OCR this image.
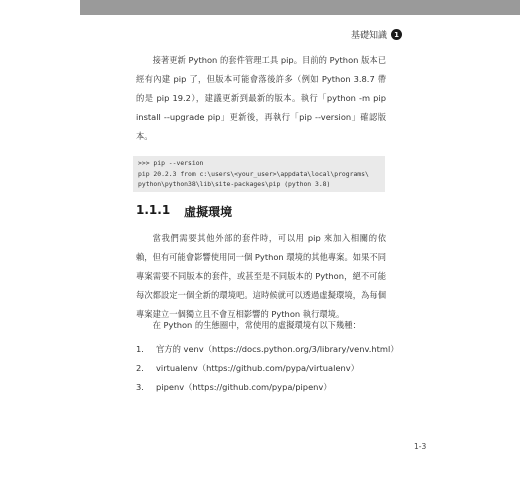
基礎知識	1
接著更新 Python 的套件管理工具 pip。目前的 Python 版本已經有內建 pip 了，但版本可能會落後許多（例如 Python 3.8.7 帶的是 pip 19.2），建議更新到最新的版本。執行「python -m pip install --upgrade pip」更新後，再執行「pip --version」確認版本。
>>> pip --version
pip 20.2.3 from c:\users\<your_user>\appdata\local\programs\
python\python38\lib\site-packages\pip (python 3.8)
1.1.1 虛擬環境
當我們需要其他外部的套件時，可以用 pip 來加入相關的依賴，但有可能會影響使用同一個 Python 環境的其他專案。如果不同專案需要不同版本的套件，或甚至是不同版本的 Python，絕不可能每次都設定一個全新的環境吧。這時候就可以透過虛擬環境，為每個專案建立一個獨立且不會互相影響的 Python 執行環境。
在 Python 的生態圈中，常使用的虛擬環境有以下幾種：
1.	官方的 venv（https://docs.python.org/3/library/venv.html）
2.	virtualenv（https://github.com/pypa/virtualenv）
3.	pipenv（https://github.com/pypa/pipenv）
1-3
